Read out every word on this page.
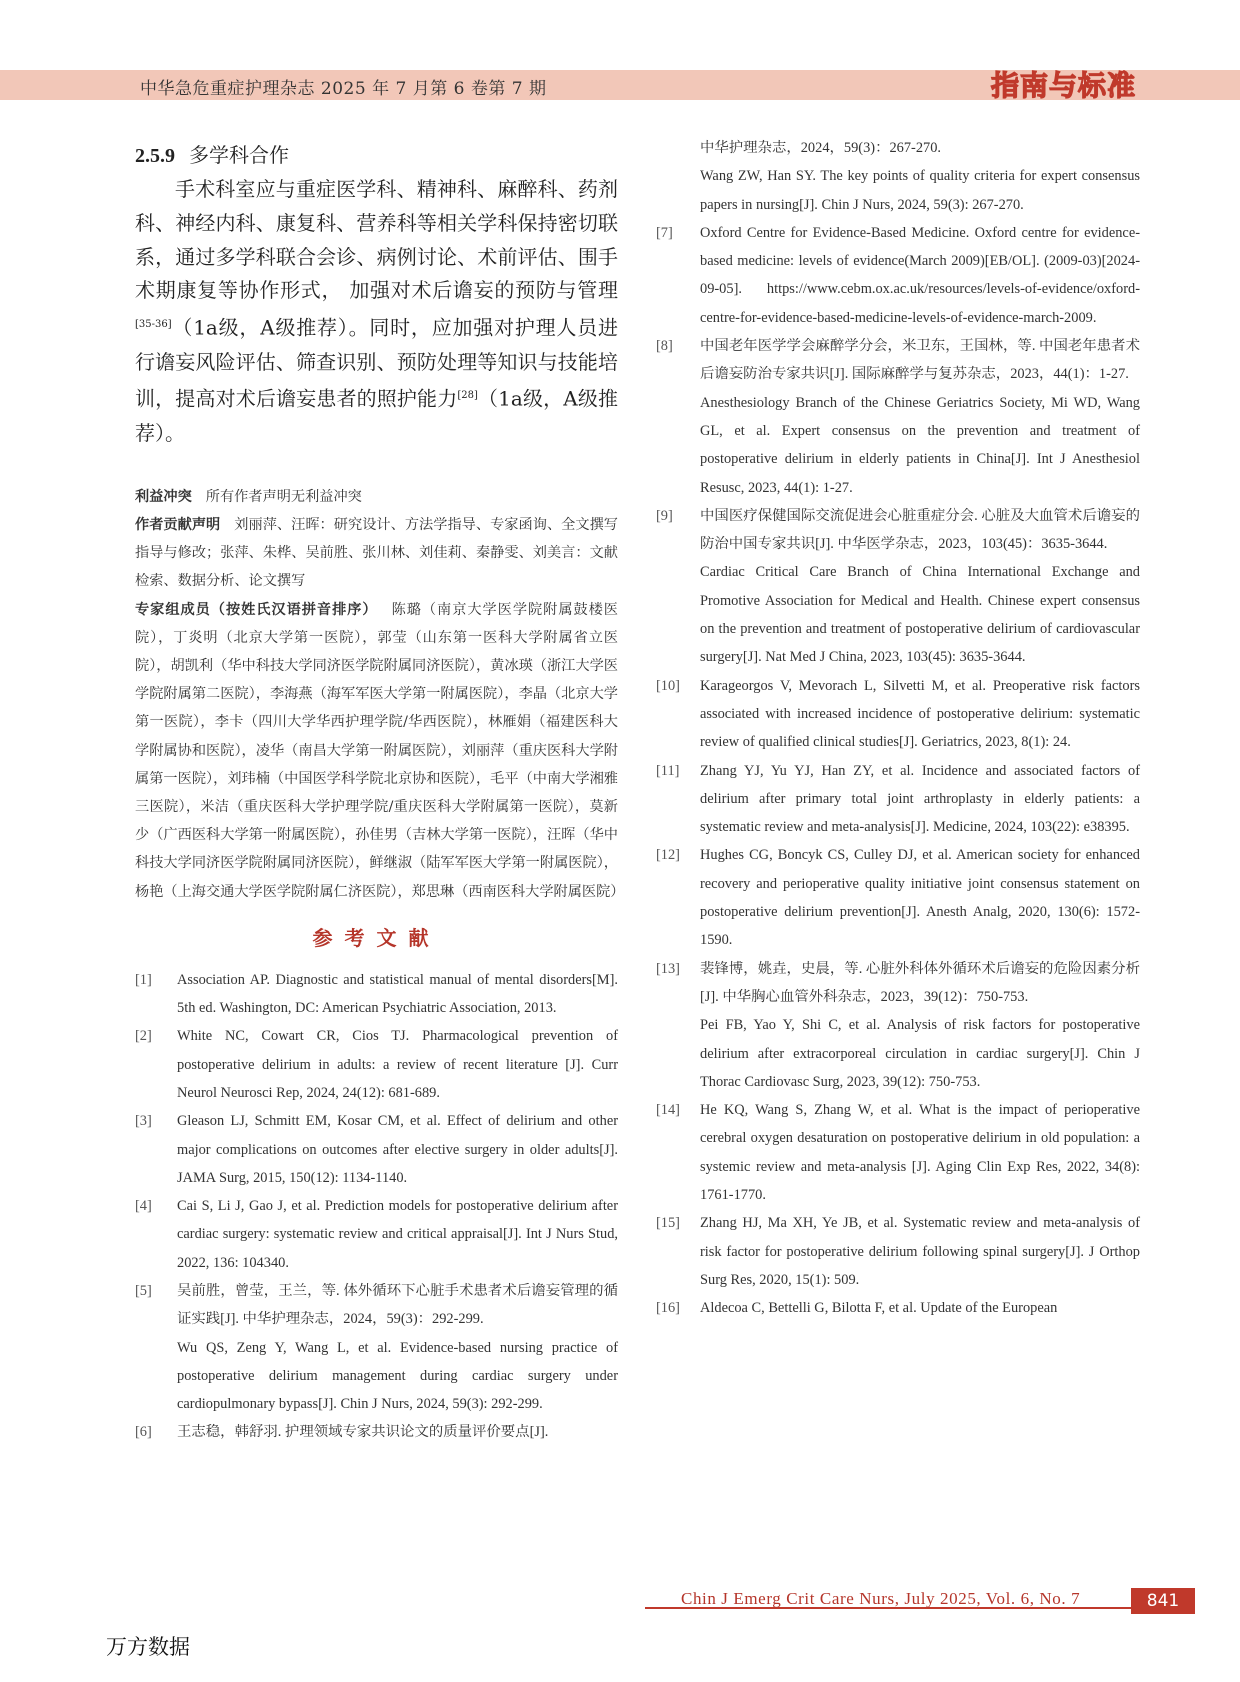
中华急危重症护理杂志 2025 年 7 月第 6 卷第 7 期	指南与标准
2.5.9 多学科合作
手术科室应与重症医学科、精神科、麻醉科、药剂科、神经内科、康复科、营养科等相关学科保持密切联系，通过多学科联合会诊、病例讨论、术前评估、围手术期康复等协作形式， 加强对术后谵妄的预防与管理[35-36]（1a级，A级推荐）。同时，应加强对护理人员进行谵妄风险评估、筛查识别、预防处理等知识与技能培训，提高对术后谵妄患者的照护能力[28]（1a级，A级推荐）。

利益冲突 所有作者声明无利益冲突

作者贡献声明 刘丽萍、汪晖：研究设计、方法学指导、专家函询、全文撰写指导与修改；张萍、朱桦、吴前胜、张川林、刘佳莉、秦静雯、刘美言：文献检索、数据分析、论文撰写

专家组成员（按姓氏汉语拼音排序） 陈璐（南京大学医学院附属鼓楼医院），丁炎明（北京大学第一医院），郭莹（山东第一医科大学附属省立医院），胡凯利（华中科技大学同济医学院附属同济医院），黄冰瑛（浙江大学医学院附属第二医院），李海燕（海军军医大学第一附属医院），李晶（北京大学第一医院），李卡（四川大学华西护理学院/华西医院），林雁娟（福建医科大学附属协和医院），凌华（南昌大学第一附属医院），刘丽萍（重庆医科大学附属第一医院），刘玮楠（中国医学科学院北京协和医院），毛平（中南大学湘雅三医院），米洁（重庆医科大学护理学院/重庆医科大学附属第一医院），莫新少（广西医科大学第一附属医院），孙佳男（吉林大学第一医院），汪晖（华中科技大学同济医学院附属同济医院），鲜继淑（陆军军医大学第一附属医院），杨艳（上海交通大学医学院附属仁济医院），郑思琳（西南医科大学附属医院）

参考文献
[1] Association AP. Diagnostic and statistical manual of mental disorders[M]. 5th ed. Washington, DC: American Psychiatric Association, 2013.

[2] White NC, Cowart CR, Cios TJ. Pharmacological prevention of postoperative delirium in adults: a review of recent literature [J]. Curr Neurol Neurosci Rep, 2024, 24(12): 681-689.

[3] Gleason LJ, Schmitt EM, Kosar CM, et al. Effect of delirium and other major complications on outcomes after elective surgery in older adults[J]. JAMA Surg, 2015, 150(12): 1134-1140.

[4] Cai S, Li J, Gao J, et al. Prediction models for postoperative delirium after cardiac surgery: systematic review and critical appraisal[J]. Int J Nurs Stud, 2022, 136: 104340.

[5] 吴前胜，曾莹，王兰，等. 体外循环下心脏手术患者术后谵妄管理的循证实践[J]. 中华护理杂志，2024，59(3)：292-299.

Wu QS, Zeng Y, Wang L, et al. Evidence-based nursing practice of postoperative delirium management during cardiac surgery under cardiopulmonary bypass[J]. Chin J Nurs, 2024, 59(3): 292-299.

[6] 王志稳，韩舒羽. 护理领域专家共识论文的质量评价要点[J].

中华护理杂志，2024，59(3)：267-270.

Wang ZW, Han SY. The key points of quality criteria for expert consensus papers in nursing[J]. Chin J Nurs, 2024, 59(3): 267-270.

[7] Oxford Centre for Evidence-Based Medicine. Oxford centre for evidence-based medicine: levels of evidence(March 2009)[EB/OL]. (2009-03)[2024-09-05]. https://www.cebm.ox.ac.uk/resources/levels-of-evidence/oxford-centre-for-evidence-based-medicine-levels-of-evidence-march-2009.

[8] 中国老年医学学会麻醉学分会，米卫东，王国林，等. 中国老年患者术后谵妄防治专家共识[J]. 国际麻醉学与复苏杂志，2023，44(1)：1-27.

Anesthesiology Branch of the Chinese Geriatrics Society, Mi WD, Wang GL, et al. Expert consensus on the prevention and treatment of postoperative delirium in elderly patients in China[J]. Int J Anesthesiol Resusc, 2023, 44(1): 1-27.

[9] 中国医疗保健国际交流促进会心脏重症分会. 心脏及大血管术后谵妄的防治中国专家共识[J]. 中华医学杂志，2023，103(45)：3635-3644.

Cardiac Critical Care Branch of China International Exchange and Promotive Association for Medical and Health. Chinese expert consensus on the prevention and treatment of postoperative delirium of cardiovascular surgery[J]. Nat Med J China, 2023, 103(45): 3635-3644.

[10] Karageorgos V, Mevorach L, Silvetti M, et al. Preoperative risk factors associated with increased incidence of postoperative delirium: systematic review of qualified clinical studies[J]. Geriatrics, 2023, 8(1): 24.

[11] Zhang YJ, Yu YJ, Han ZY, et al. Incidence and associated factors of delirium after primary total joint arthroplasty in elderly patients: a systematic review and meta-analysis[J]. Medicine, 2024, 103(22): e38395.

[12] Hughes CG, Boncyk CS, Culley DJ, et al. American society for enhanced recovery and perioperative quality initiative joint consensus statement on postoperative delirium prevention[J]. Anesth Analg, 2020, 130(6): 1572-1590.

[13] 裴锋博，姚垚，史晨，等. 心脏外科体外循环术后谵妄的危险因素分析[J]. 中华胸心血管外科杂志，2023，39(12)：750-753.

Pei FB, Yao Y, Shi C, et al. Analysis of risk factors for postoperative delirium after extracorporeal circulation in cardiac surgery[J]. Chin J Thorac Cardiovasc Surg, 2023, 39(12): 750-753.

[14] He KQ, Wang S, Zhang W, et al. What is the impact of perioperative cerebral oxygen desaturation on postoperative delirium in old population: a systemic review and meta-analysis [J]. Aging Clin Exp Res, 2022, 34(8): 1761-1770.

[15] Zhang HJ, Ma XH, Ye JB, et al. Systematic review and meta-analysis of risk factor for postoperative delirium following spinal surgery[J]. J Orthop Surg Res, 2020, 15(1): 509.

[16] Aldecoa C, Bettelli G, Bilotta F, et al. Update of the European

Chin J Emerg Crit Care Nurs, July 2025, Vol. 6, No. 7	841
万方数据
